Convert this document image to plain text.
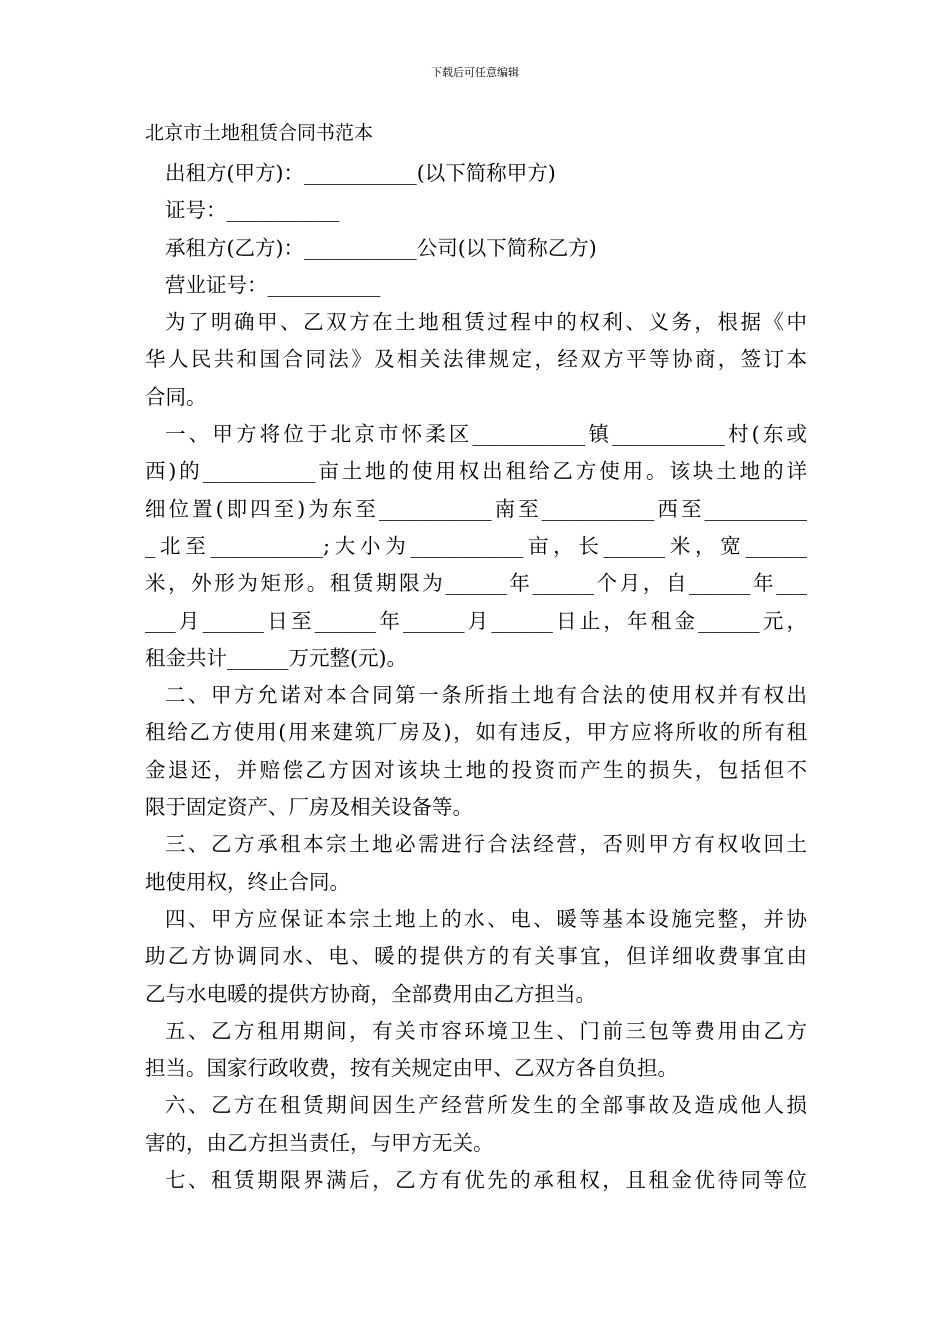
下载后可任意编辑
北京市土地租赁合同书范本
出租方(甲方)：___________(以下简称甲方)
证号：___________
承租方(乙方)：___________公司(以下简称乙方)
营业证号：___________
为了明确甲、乙双方在土地租赁过程中的权利、义务，根据《中
华人民共和国合同法》及相关法律规定，经双方平等协商，签订本
合同。
一、甲方将位于北京市怀柔区___________镇___________村(东或
西)的___________亩土地的使用权出租给乙方使用。该块土地的详
细位置(即四至)为东至___________南至___________西至__________
_北至___________;大小为___________亩，长______米，宽______
米，外形为矩形。租赁期限为______年______个月，自______年___
___月______日至______年______月______日止，年租金______元，
租金共计______万元整(元)。
二、甲方允诺对本合同第一条所指土地有合法的使用权并有权出
租给乙方使用(用来建筑厂房及)，如有违反，甲方应将所收的所有租
金退还，并赔偿乙方因对该块土地的投资而产生的损失，包括但不
限于固定资产、厂房及相关设备等。
三、乙方承租本宗土地必需进行合法经营，否则甲方有权收回土
地使用权，终止合同。
四、甲方应保证本宗土地上的水、电、暖等基本设施完整，并协
助乙方协调同水、电、暖的提供方的有关事宜，但详细收费事宜由
乙与水电暖的提供方协商，全部费用由乙方担当。
五、乙方租用期间，有关市容环境卫生、门前三包等费用由乙方
担当。国家行政收费，按有关规定由甲、乙双方各自负担。
六、乙方在租赁期间因生产经营所发生的全部事故及造成他人损
害的，由乙方担当责任，与甲方无关。
七、租赁期限界满后，乙方有优先的承租权，且租金优待同等位
